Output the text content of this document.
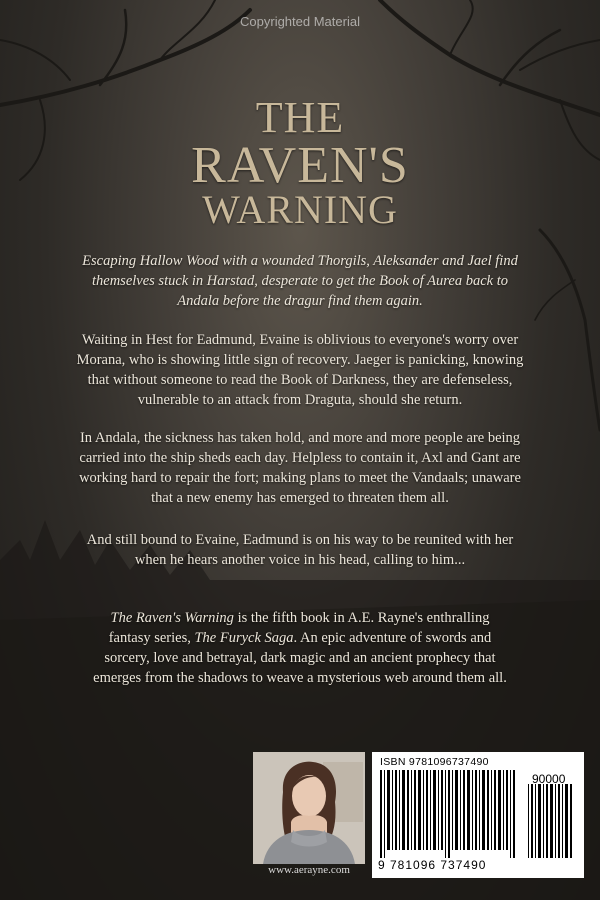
Copyrighted Material
THE
RAVEN'S
WARNING
Escaping Hallow Wood with a wounded Thorgils, Aleksander and Jael find themselves stuck in Harstad, desperate to get the Book of Aurea back to Andala before the dragur find them again.
Waiting in Hest for Eadmund, Evaine is oblivious to everyone's worry over Morana, who is showing little sign of recovery. Jaeger is panicking, knowing that without someone to read the Book of Darkness, they are defenseless, vulnerable to an attack from Draguta, should she return.
In Andala, the sickness has taken hold, and more and more people are being carried into the ship sheds each day. Helpless to contain it, Axl and Gant are working hard to repair the fort; making plans to meet the Vandaals; unaware that a new enemy has emerged to threaten them all.
And still bound to Evaine, Eadmund is on his way to be reunited with her when he hears another voice in his head, calling to him...
The Raven's Warning is the fifth book in A.E. Rayne's enthralling fantasy series, The Furyck Saga. An epic adventure of swords and sorcery, love and betrayal, dark magic and an ancient prophecy that emerges from the shadows to weave a mysterious web around them all.
www.aerayne.com
ISBN 9781096737490
90000
9 781096 737490
